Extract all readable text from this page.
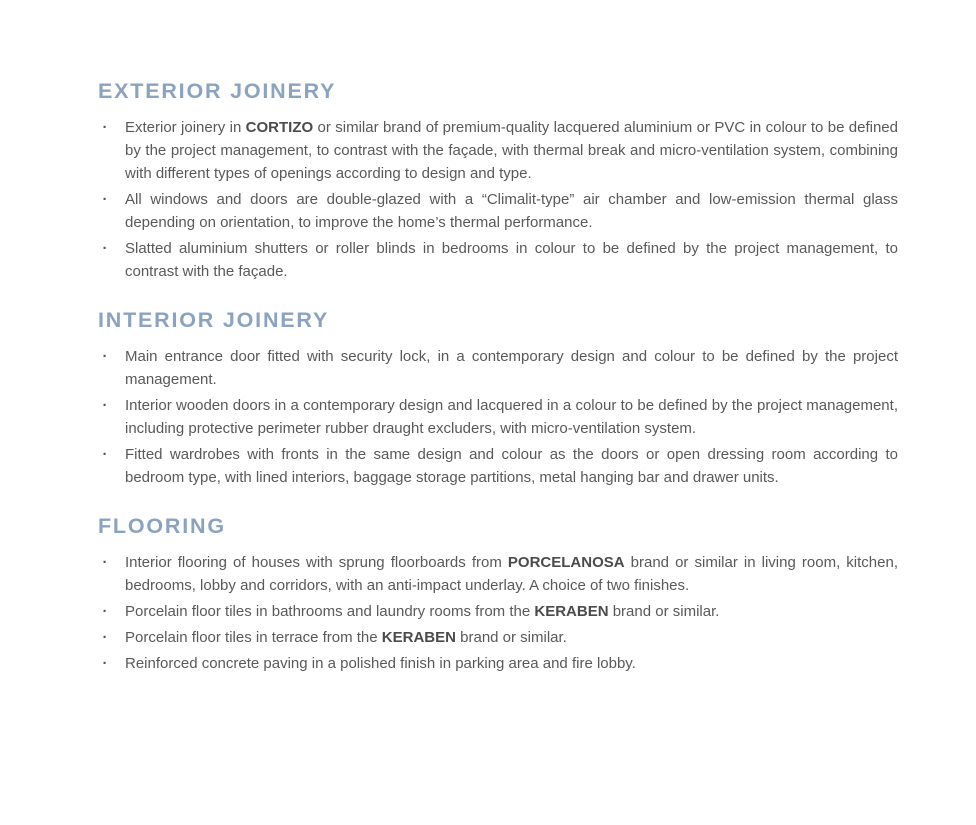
EXTERIOR JOINERY
· Exterior joinery in CORTIZO or similar brand of premium-quality lacquered aluminium or PVC in colour to be defined by the project management, to contrast with the façade, with thermal break and micro-ventilation system, combining with different types of openings according to design and type.
· All windows and doors are double-glazed with a “Climalit-type” air chamber and low-emission thermal glass depending on orientation, to improve the home’s thermal performance.
· Slatted aluminium shutters or roller blinds in bedrooms in colour to be defined by the project management, to contrast with the façade.
INTERIOR JOINERY
· Main entrance door fitted with security lock, in a contemporary design and colour to be defined by the project management.
· Interior wooden doors in a contemporary design and lacquered in a colour to be defined by the project management, including protective perimeter rubber draught excluders, with micro-ventilation system.
· Fitted wardrobes with fronts in the same design and colour as the doors or open dressing room according to bedroom type, with lined interiors, baggage storage partitions, metal hanging bar and drawer units.
FLOORING
· Interior flooring of houses with sprung floorboards from PORCELANOSA brand or similar in living room, kitchen, bedrooms, lobby and corridors, with an anti-impact underlay. A choice of two finishes.
· Porcelain floor tiles in bathrooms and laundry rooms from the KERABEN brand or similar.
· Porcelain floor tiles in terrace from the KERABEN brand or similar.
· Reinforced concrete paving in a polished finish in parking area and fire lobby.
